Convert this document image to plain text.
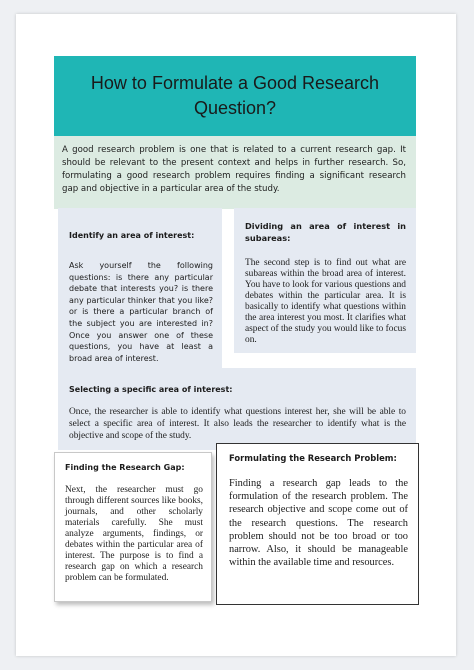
How to Formulate a Good Research Question?
A good research problem is one that is related to a current research gap. It should be relevant to the present context and helps in further research. So, formulating a good research problem requires finding a significant research gap and objective in a particular area of the study.
Identify an area of interest:
Ask yourself the following questions: is there any particular debate that interests you? is there any particular thinker that you like? or is there a particular branch of the subject you are interested in? Once you answer one of these questions, you have at least a broad area of interest.
Dividing an area of interest in subareas:
The second step is to find out what are subareas within the broad area of interest. You have to look for various questions and debates within the particular area. It is basically to identify what questions within the area interest you most. It clarifies what aspect of the study you would like to focus on.
Selecting a specific area of interest:
Once, the researcher is able to identify what questions interest her, she will be able to select a specific area of interest. It also leads the researcher to identify what is the objective and scope of the study.
Finding the Research Gap:
Next, the researcher must go through different sources like books, journals, and other scholarly materials carefully. She must analyze arguments, findings, or debates within the particular area of interest. The purpose is to find a research gap on which a research problem can be formulated.
Formulating the Research Problem:
Finding a research gap leads to the formulation of the research problem. The research objective and scope come out of the research questions. The research problem should not be too broad or too narrow. Also, it should be manageable within the available time and resources.
